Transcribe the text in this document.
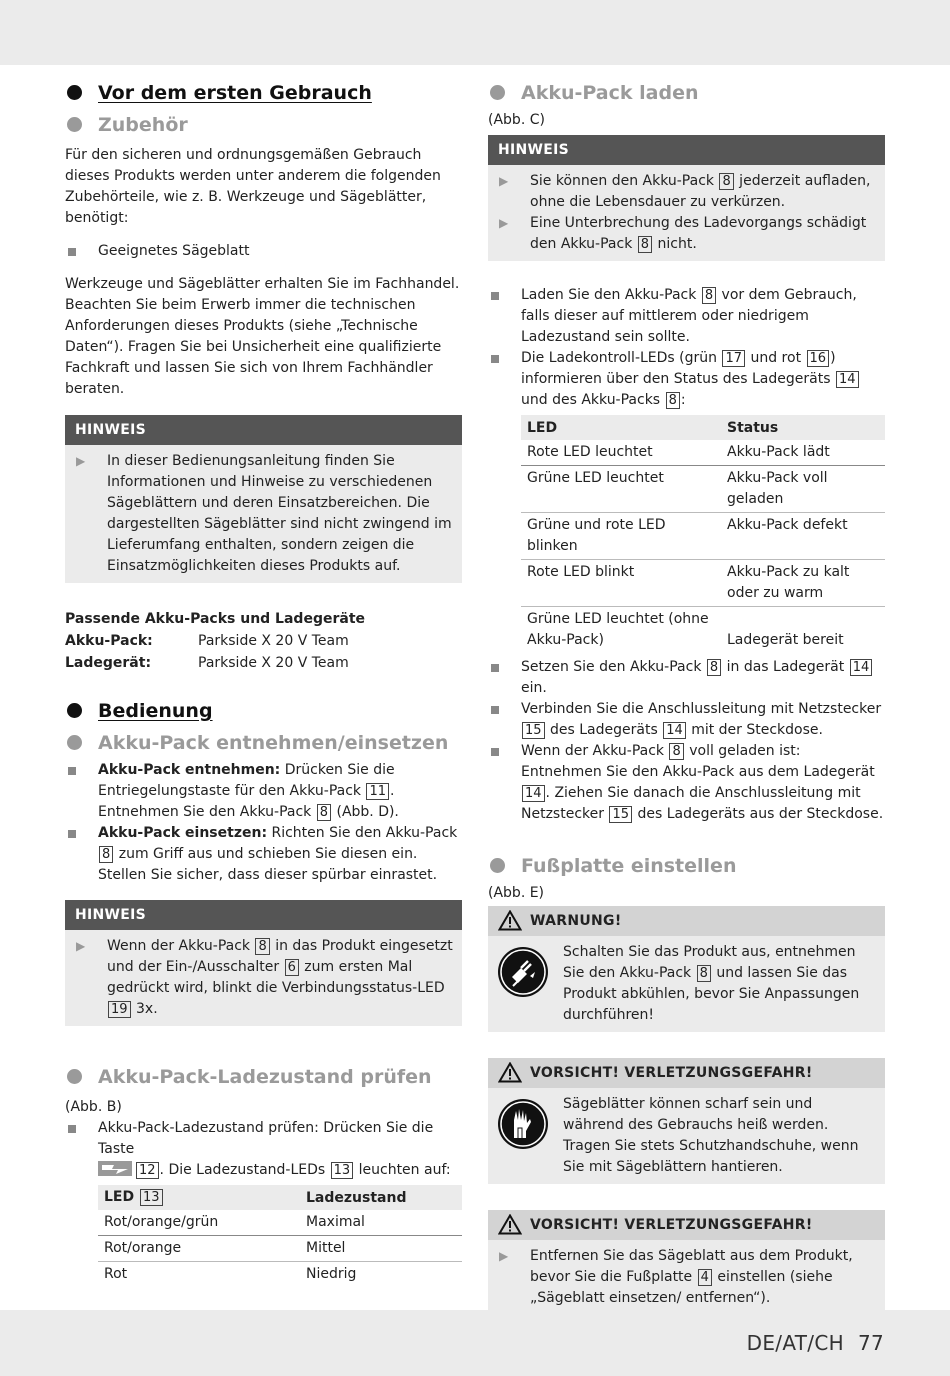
Vor dem ersten Gebrauch
Zubehör

Für den sicheren und ordnungsgemäßen Gebrauch dieses Produkts werden unter anderem die folgenden Zubehörteile, wie z. B. Werkzeuge und Sägeblätter, benötigt:

Geeignetes Sägeblatt

Werkzeuge und Sägeblätter erhalten Sie im Fachhandel. Beachten Sie beim Erwerb immer die technischen Anforderungen dieses Produkts (siehe „Technische Daten“). Fragen Sie bei Unsicherheit eine qualifizierte Fachkraft und lassen Sie sich von Ihrem Fachhändler beraten.

HINWEIS
▶ In dieser Bedienungsanleitung finden Sie Informationen und Hinweise zu verschiedenen Sägeblättern und deren Einsatzbereichen. Die dargestellten Sägeblätter sind nicht zwingend im Lieferumfang enthalten, sondern zeigen die Einsatzmöglichkeiten dieses Produkts auf.
Passende Akku-Packs und Ladegeräte
Akku-Pack:	Parkside X 20 V Team
Ladegerät:	Parkside X 20 V Team
Bedienung
Akku-Pack entnehmen/einsetzen
Akku-Pack entnehmen: Drücken Sie die Entriegelungstaste für den Akku-Pack 11 . Entnehmen Sie den Akku-Pack 8 (Abb. D).
Akku-Pack einsetzen: Richten Sie den Akku-Pack 8 zum Griff aus und schieben Sie diesen ein. Stellen Sie sicher, dass dieser spürbar einrastet.
HINWEIS
▶ Wenn der Akku-Pack 8 in das Produkt eingesetzt und der Ein-/Ausschalter 6 zum ersten Mal gedrückt wird, blinkt die Verbindungsstatus-LED 19 3x.
Akku-Pack-Ladezustand prüfen

(Abb. B)

Akku-Pack-Ladezustand prüfen: Drücken Sie die Taste

12 . Die Ladezustand-LEDs 13 leuchten auf:
LED 13	Ladezustand
Rot/orange/grün	Maximal
Rot/orange	Mittel
Rot	Niedrig
Akku-Pack laden

(Abb. C)

HINWEIS
▶ Sie können den Akku-Pack 8 jederzeit aufladen, ohne die Lebensdauer zu verkürzen.
▶ Eine Unterbrechung des Ladevorgangs schädigt den Akku-Pack 8 nicht.
Laden Sie den Akku-Pack 8 vor dem Gebrauch, falls dieser auf mittlerem oder niedrigem Ladezustand sein sollte.
Die Ladekontroll-LEDs (grün 17 und rot 16 ) informieren über den Status des Ladegeräts 14 und des Akku-Packs 8 :
LED	Status
Rote LED leuchtet	Akku-Pack lädt
Grüne LED leuchtet	Akku-Pack voll geladen
Grüne und rote LED blinken	Akku-Pack defekt
Rote LED blinkt	Akku-Pack zu kalt oder zu warm
Grüne LED leuchtet (ohne Akku-Pack)	Ladegerät bereit
Setzen Sie den Akku-Pack 8 in das Ladegerät 14 ein.
Verbinden Sie die Anschlussleitung mit Netzstecker 15 des Ladegeräts 14 mit der Steckdose.
Wenn der Akku-Pack 8 voll geladen ist: Entnehmen Sie den Akku-Pack aus dem Ladegerät 14 . Ziehen Sie danach die Anschlussleitung mit Netzstecker 15 des Ladegeräts aus der Steckdose.
Fußplatte einstellen

(Abb. E)

WARNUNG!
Schalten Sie das Produkt aus, entnehmen Sie den Akku-Pack 8 und lassen Sie das Produkt abkühlen, bevor Sie Anpassungen durchführen!
VORSICHT! VERLETZUNGSGEFAHR!
Sägeblätter können scharf sein und während des Gebrauchs heiß werden. Tragen Sie stets Schutzhandschuhe, wenn Sie mit Sägeblättern hantieren.
VORSICHT! VERLETZUNGSGEFAHR!
▶ Entfernen Sie das Sägeblatt aus dem Produkt, bevor Sie die Fußplatte 4 einstellen (siehe „Sägeblatt einsetzen/ entfernen“).
DE/AT/CH 77
